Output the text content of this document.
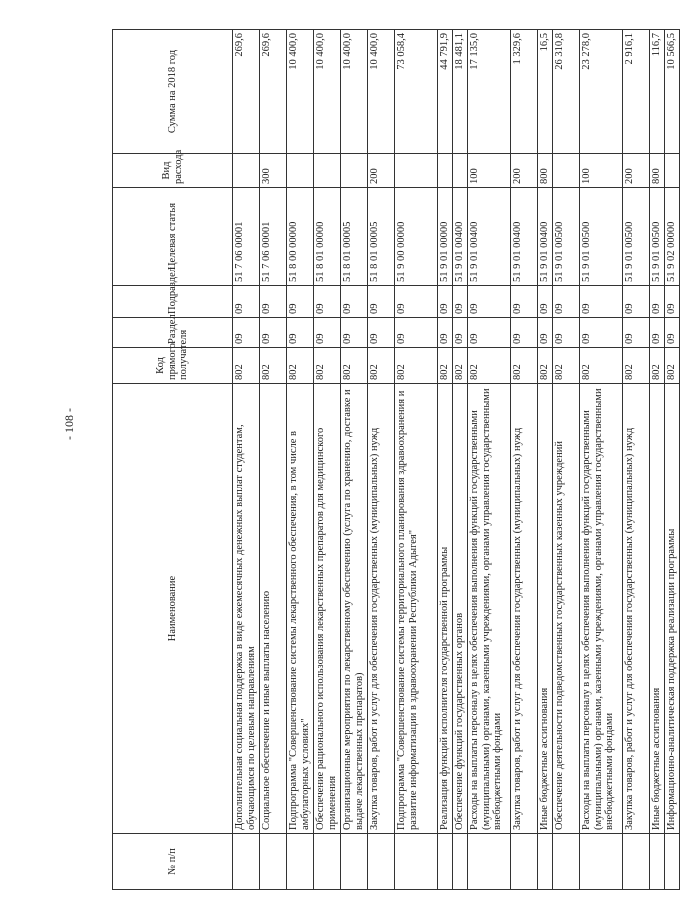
- 108 -
№ п/п	Наименование	Код прямого получателя	Раздел	Подраздел	Целевая статья	Вид расхода	Сумма на 2018 год
	Дополнительная социальная поддержка в виде ежемесячных денежных выплат студентам, обучающимся по целевым направлениям	802	09	09	51 7 06 00001		269,6
	Социальное обеспечение и иные выплаты населению	802	09	09	51 7 06 00001	300	269,6
	Подпрограмма "Совершенствование системы лекарственного обеспечения, в том числе в амбулаторных условиях"	802	09	09	51 8 00 00000		10 400,0
	Обеспечение рационального использования лекарственных препаратов для медицинского применения	802	09	09	51 8 01 00000		10 400,0
	Организационные мероприятия по лекарственному обеспечению (услуга по хранению, доставке и выдаче лекарственных препаратов)	802	09	09	51 8 01 00005		10 400,0
	Закупка товаров, работ и услуг для обеспечения государственных (муниципальных) нужд	802	09	09	51 8 01 00005	200	10 400,0
	Подпрограмма "Совершенствование системы территориального планирования здравоохранения и развитие информатизации в здравоохранении Республики Адыгея"	802	09	09	51 9 00 00000		73 058,4
	Реализация функций исполнителя государственной программы	802	09	09	51 9 01 00000		44 791,9
	Обеспечение функций государственных органов	802	09	09	51 9 01 00400		18 481,1
	Расходы на выплаты персоналу в целях обеспечения выполнения функций государственными (муниципальными) органами, казенными учреждениями, органами управления государственными внебюджетными фондами	802	09	09	51 9 01 00400	100	17 135,0
	Закупка товаров, работ и услуг для обеспечения государственных (муниципальных) нужд	802	09	09	51 9 01 00400	200	1 329,6
	Иные бюджетные ассигнования	802	09	09	51 9 01 00400	800	16,5
	Обеспечение деятельности подведомственных государственных казенных учреждений	802	09	09	51 9 01 00500		26 310,8
	Расходы на выплаты персоналу в целях обеспечения выполнения функций государственными (муниципальными) органами, казенными учреждениями, органами управления государственными внебюджетными фондами	802	09	09	51 9 01 00500	100	23 278,0
	Закупка товаров, работ и услуг для обеспечения государственных (муниципальных) нужд	802	09	09	51 9 01 00500	200	2 916,1
	Иные бюджетные ассигнования	802	09	09	51 9 01 00500	800	116,7
	Информационно-аналитическая поддержка реализации программы	802	09	09	51 9 02 00000		10 566,5
